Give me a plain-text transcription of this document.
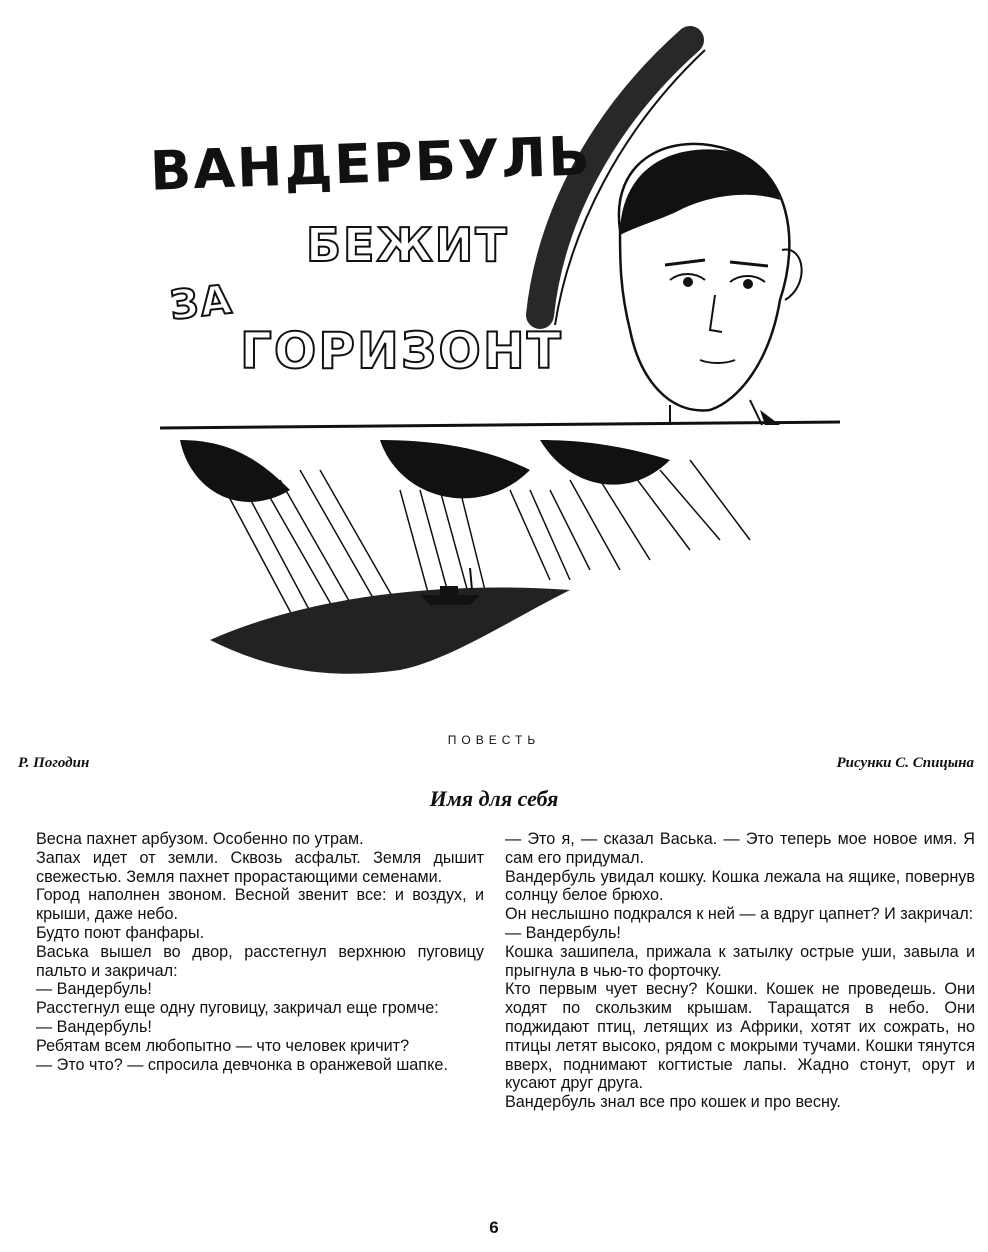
ВАНДЕРБУЛЬ
БЕЖИТ
ЗА
ГОРИЗОНТ
ПОВЕСТЬ
Р. Погодин	Рисунки С. Спицына
Имя для себя

Весна пахнет арбузом. Особенно по утрам.

Запах идет от земли. Сквозь асфальт. Земля дышит свежестью. Земля пахнет прорастающими семенами.

Город наполнен звоном. Весной звенит все: и воздух, и крыши, даже небо.

Будто поют фанфары.

Васька вышел во двор, расстегнул верхнюю пуговицу пальто и закричал:

— Вандербуль!

Расстегнул еще одну пуговицу, закричал еще громче:

— Вандербуль!

Ребятам всем любопытно — что человек кричит?

— Это что? — спросила девчонка в оранжевой шапке.

— Это я, — сказал Васька. — Это теперь мое новое имя. Я сам его придумал.

Вандербуль увидал кошку. Кошка лежала на ящике, повернув солнцу белое брюхо.

Он неслышно подкрался к ней — а вдруг цапнет? И закричал:

— Вандербуль!

Кошка зашипела, прижала к затылку острые уши, завыла и прыгнула в чью-то форточку.

Кто первым чует весну? Кошки. Кошек не проведешь. Они ходят по скользким крышам. Таращатся в небо. Они поджидают птиц, летящих из Африки, хотят их сожрать, но птицы летят высоко, рядом с мокрыми тучами. Кошки тянутся вверх, поднимают когтистые лапы. Жадно стонут, орут и кусают друг друга.

Вандербуль знал все про кошек и про весну.

6
